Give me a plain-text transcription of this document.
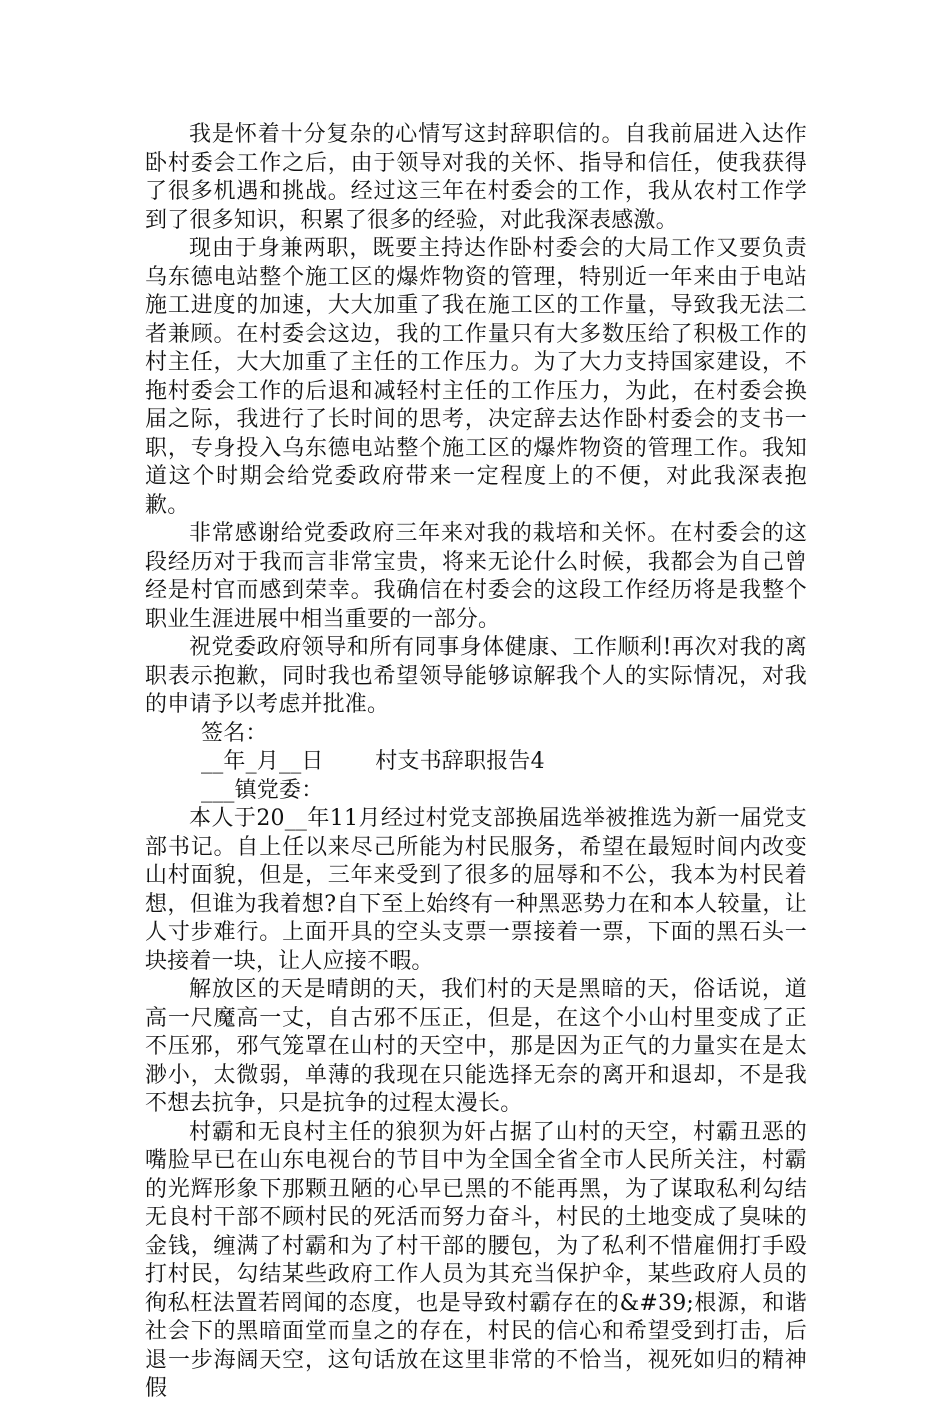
我是怀着十分复杂的心情写这封辞职信的。自我前届进入达作卧村委会工作之后，由于领导对我的关怀、指导和信任，使我获得了很多机遇和挑战。经过这三年在村委会的工作，我从农村工作学到了很多知识，积累了很多的经验，对此我深表感激。

现由于身兼两职，既要主持达作卧村委会的大局工作又要负责乌东德电站整个施工区的爆炸物资的管理，特别近一年来由于电站施工进度的加速，大大加重了我在施工区的工作量，导致我无法二者兼顾。在村委会这边，我的工作量只有大多数压给了积极工作的村主任，大大加重了主任的工作压力。为了大力支持国家建设，不拖村委会工作的后退和减轻村主任的工作压力，为此，在村委会换届之际，我进行了长时间的思考，决定辞去达作卧村委会的支书一职，专身投入乌东德电站整个施工区的爆炸物资的管理工作。我知道这个时期会给党委政府带来一定程度上的不便，对此我深表抱歉。

非常感谢给党委政府三年来对我的栽培和关怀。在村委会的这段经历对于我而言非常宝贵，将来无论什么时候，我都会为自己曾经是村官而感到荣幸。我确信在村委会的这段工作经历将是我整个职业生涯进展中相当重要的一部分。

祝党委政府领导和所有同事身体健康、工作顺利!再次对我的离职表示抱歉，同时我也希望领导能够谅解我个人的实际情况，对我的申请予以考虑并批准。

签名：

__年_月__日　　 村支书辞职报告4

___镇党委：

本人于20__年11月经过村党支部换届选举被推选为新一届党支部书记。自上任以来尽己所能为村民服务，希望在最短时间内改变山村面貌，但是，三年来受到了很多的屈辱和不公，我本为村民着想，但谁为我着想?自下至上始终有一种黑恶势力在和本人较量，让人寸步难行。上面开具的空头支票一票接着一票，下面的黑石头一块接着一块，让人应接不暇。

解放区的天是晴朗的天，我们村的天是黑暗的天，俗话说，道高一尺魔高一丈，自古邪不压正，但是，在这个小山村里变成了正不压邪，邪气笼罩在山村的天空中，那是因为正气的力量实在是太渺小，太微弱，单薄的我现在只能选择无奈的离开和退却，不是我不想去抗争，只是抗争的过程太漫长。

村霸和无良村主任的狼狈为奸占据了山村的天空，村霸丑恶的嘴脸早已在山东电视台的节目中为全国全省全市人民所关注，村霸的光辉形象下那颗丑陋的心早已黑的不能再黑，为了谋取私利勾结无良村干部不顾村民的死活而努力奋斗，村民的土地变成了臭味的金钱，缠满了村霸和为了村干部的腰包，为了私利不惜雇佣打手殴打村民，勾结某些政府工作人员为其充当保护伞，某些政府人员的徇私枉法置若罔闻的态度，也是导致村霸存在的&#39;根源，和谐社会下的黑暗面堂而皇之的存在，村民的信心和希望受到打击，后退一步海阔天空，这句话放在这里非常的不恰当，视死如归的精神假
